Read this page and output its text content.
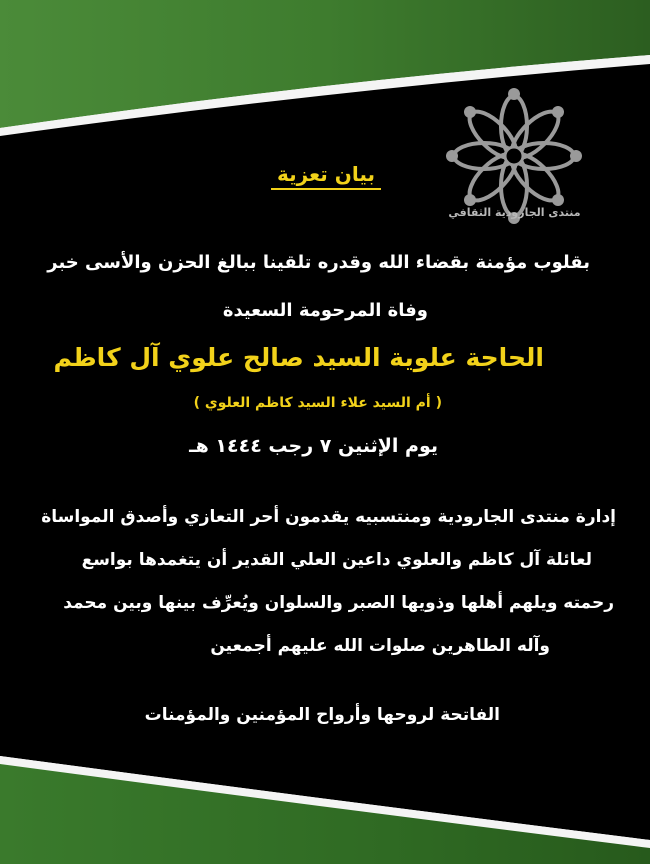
منتدى الجارودية الثقافي
بيان تعزية
بقلوب مؤمنة بقضاء الله وقدره تلقينا ببالغ الحزن والأسى خبر
وفاة المرحومة السعيدة
الحاجة علوية السيد صالح علوي آل كاظم
( أم السيد علاء السيد كاظم العلوي )
يوم الإثنين ٧ رجب ١٤٤٤ هـ
إدارة منتدى الجارودية ومنتسبيه يقدمون أحر التعازي وأصدق المواساة
لعائلة آل كاظم والعلوي داعين العلي القدير أن يتغمدها بواسع
رحمته ويلهم أهلها وذويها الصبر والسلوان ويُعرِّف بينها وبين محمد
وآله الطاهرين صلوات الله عليهم أجمعين
الفاتحة لروحها وأرواح المؤمنين والمؤمنات
